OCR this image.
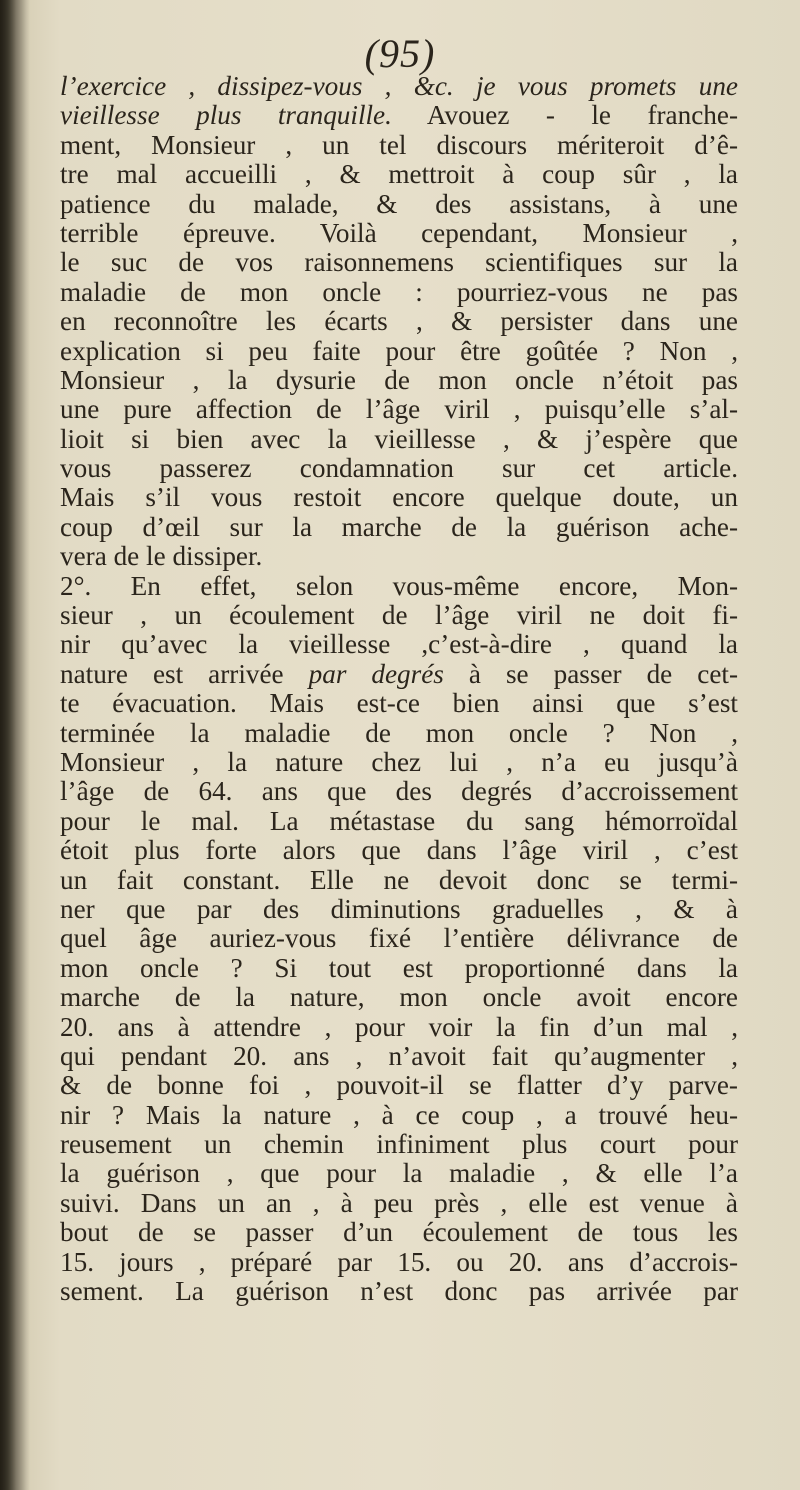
(95)
l’exercice , dissipez-vous , &c. je vous promets une
vieillesse plus tranquille. Avouez - le franche-
ment, Monsieur , un tel discours mériteroit d’ê-
tre mal accueilli , & mettroit à coup sûr , la
patience du malade, & des assistans, à une
terrible épreuve. Voilà cependant, Monsieur ,
le suc de vos raisonnemens scientifiques sur la
maladie de mon oncle : pourriez-vous ne pas
en reconnoître les écarts , & persister dans une
explication si peu faite pour être goûtée ? Non ,
Monsieur , la dysurie de mon oncle n’étoit pas
une pure affection de l’âge viril , puisqu’elle s’al-
lioit si bien avec la vieillesse , & j’espère que
vous passerez condamnation sur cet article.
Mais s’il vous restoit encore quelque doute, un
coup d’œil sur la marche de la guérison ache-
vera de le dissiper.
2°. En effet, selon vous-même encore, Mon-
sieur , un écoulement de l’âge viril ne doit fi-
nir qu’avec la vieillesse ,c’est-à-dire , quand la
nature est arrivée par degrés à se passer de cet-
te évacuation. Mais est-ce bien ainsi que s’est
terminée la maladie de mon oncle ? Non ,
Monsieur , la nature chez lui , n’a eu jusqu’à
l’âge de 64. ans que des degrés d’accroissement
pour le mal. La métastase du sang hémorroïdal
étoit plus forte alors que dans l’âge viril , c’est
un fait constant. Elle ne devoit donc se termi-
ner que par des diminutions graduelles , & à
quel âge auriez-vous fixé l’entière délivrance de
mon oncle ? Si tout est proportionné dans la
marche de la nature, mon oncle avoit encore
20. ans à attendre , pour voir la fin d’un mal ,
qui pendant 20. ans , n’avoit fait qu’augmenter ,
& de bonne foi , pouvoit-il se flatter d’y parve-
nir ? Mais la nature , à ce coup , a trouvé heu-
reusement un chemin infiniment plus court pour
la guérison , que pour la maladie , & elle l’a
suivi. Dans un an , à peu près , elle est venue à
bout de se passer d’un écoulement de tous les
15. jours , préparé par 15. ou 20. ans d’accrois-
sement. La guérison n’est donc pas arrivée par
